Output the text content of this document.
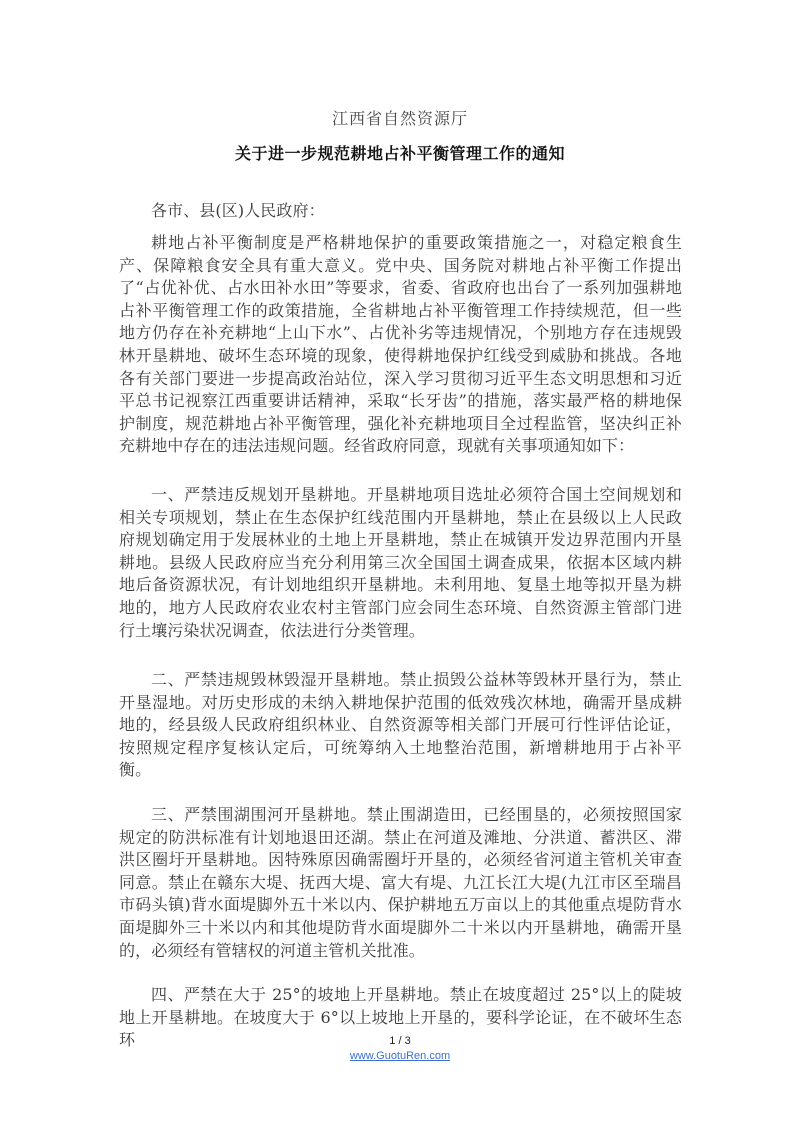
江西省自然资源厅
关于进一步规范耕地占补平衡管理工作的通知

各市、县(区)人民政府：

耕地占补平衡制度是严格耕地保护的重要政策措施之一，对稳定粮食生产、保障粮食安全具有重大意义。党中央、国务院对耕地占补平衡工作提出了“占优补优、占水田补水田”等要求，省委、省政府也出台了一系列加强耕地占补平衡管理工作的政策措施，全省耕地占补平衡管理工作持续规范，但一些地方仍存在补充耕地“上山下水”、占优补劣等违规情况，个别地方存在违规毁林开垦耕地、破坏生态环境的现象，使得耕地保护红线受到威胁和挑战。各地各有关部门要进一步提高政治站位，深入学习贯彻习近平生态文明思想和习近平总书记视察江西重要讲话精神，采取“长牙齿”的措施，落实最严格的耕地保护制度，规范耕地占补平衡管理，强化补充耕地项目全过程监管，坚决纠正补充耕地中存在的违法违规问题。经省政府同意，现就有关事项通知如下：

一、严禁违反规划开垦耕地。开垦耕地项目选址必须符合国土空间规划和相关专项规划，禁止在生态保护红线范围内开垦耕地，禁止在县级以上人民政府规划确定用于发展林业的土地上开垦耕地，禁止在城镇开发边界范围内开垦耕地。县级人民政府应当充分利用第三次全国国土调查成果，依据本区域内耕地后备资源状况，有计划地组织开垦耕地。未利用地、复垦土地等拟开垦为耕地的，地方人民政府农业农村主管部门应会同生态环境、自然资源主管部门进行土壤污染状况调查，依法进行分类管理。

二、严禁违规毁林毁湿开垦耕地。禁止损毁公益林等毁林开垦行为，禁止开垦湿地。对历史形成的未纳入耕地保护范围的低效残次林地，确需开垦成耕地的，经县级人民政府组织林业、自然资源等相关部门开展可行性评估论证，按照规定程序复核认定后，可统筹纳入土地整治范围，新增耕地用于占补平衡。

三、严禁围湖围河开垦耕地。禁止围湖造田，已经围垦的，必须按照国家规定的防洪标准有计划地退田还湖。禁止在河道及滩地、分洪道、蓄洪区、滞洪区圈圩开垦耕地。因特殊原因确需圈圩开垦的，必须经省河道主管机关审查同意。禁止在赣东大堤、抚西大堤、富大有堤、九江长江大堤(九江市区至瑞昌市码头镇)背水面堤脚外五十米以内、保护耕地五万亩以上的其他重点堤防背水面堤脚外三十米以内和其他堤防背水面堤脚外二十米以内开垦耕地，确需开垦的，必须经有管辖权的河道主管机关批准。

四、严禁在大于 25°的坡地上开垦耕地。禁止在坡度超过 25°以上的陡坡地上开垦耕地。在坡度大于 6°以上坡地上开垦的，要科学论证，在不破坏生态环	1 / 3
www.GuotuRen.com
